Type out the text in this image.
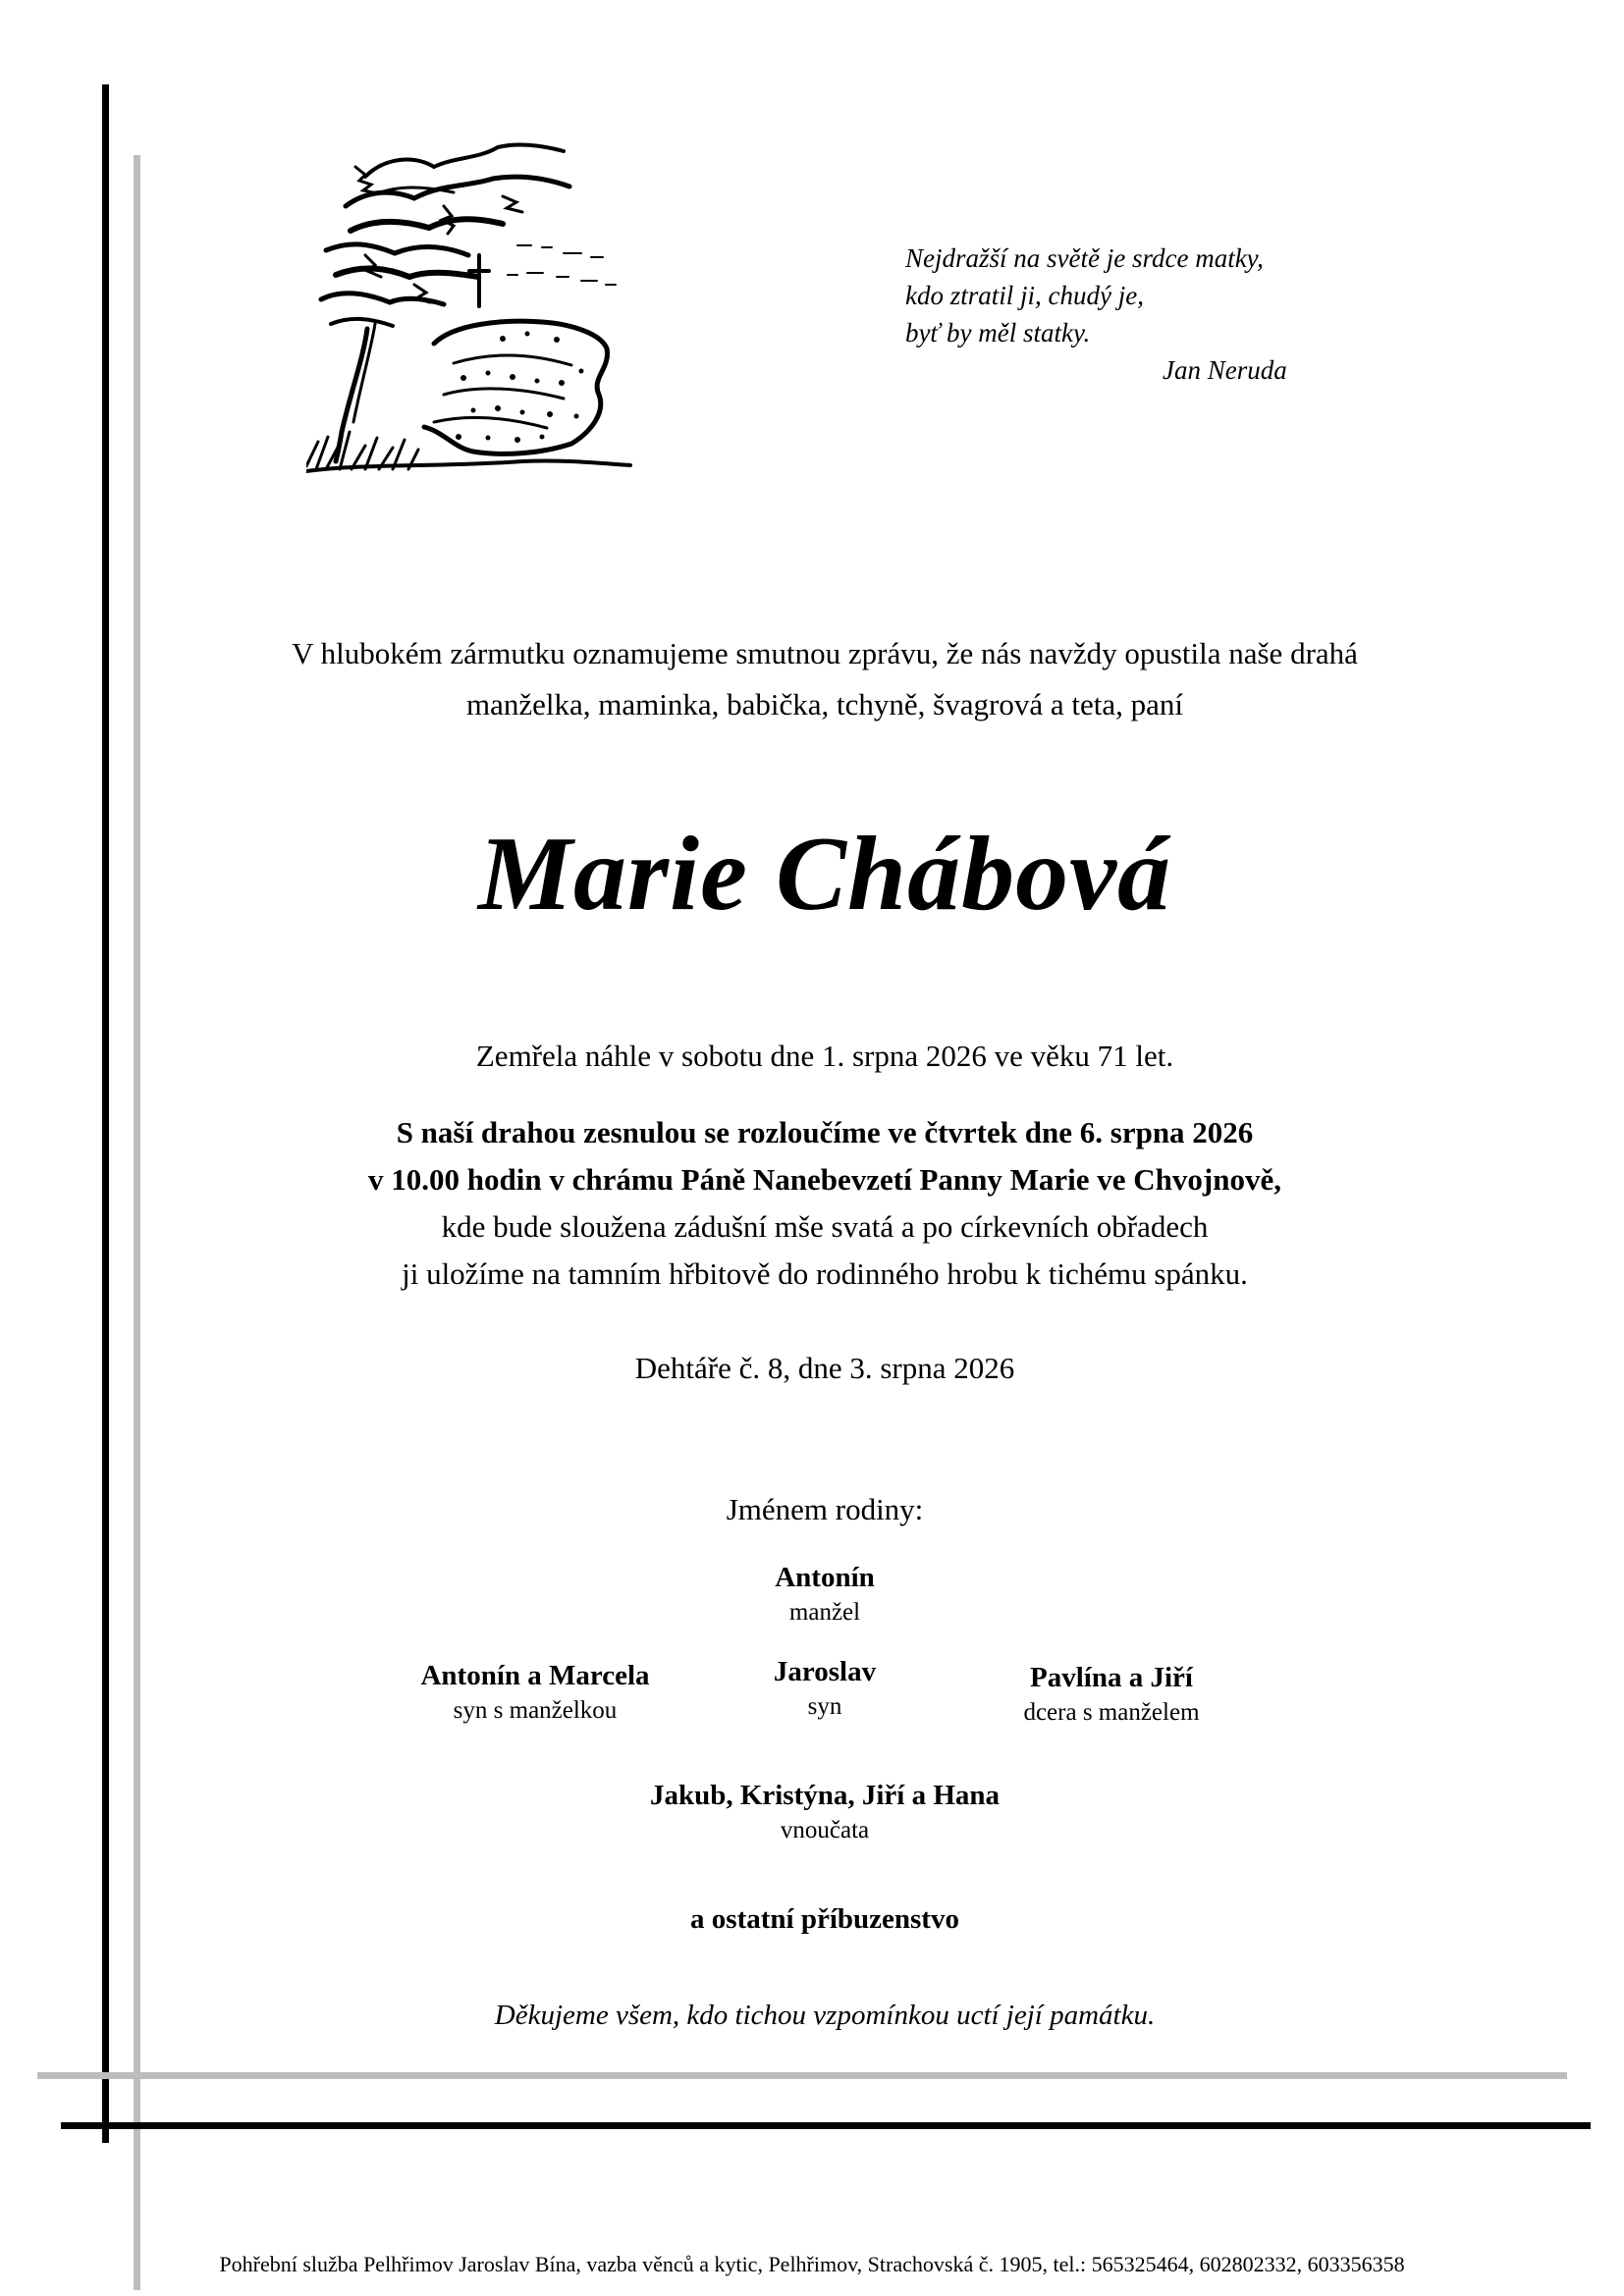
Nejdražší na světě je srdce matky,
kdo ztratil ji, chudý je,
byť by měl statky.
Jan Neruda
V hlubokém zármutku oznamujeme smutnou zprávu, že nás navždy opustila naše drahá
manželka, maminka, babička, tchyně, švagrová a teta, paní
Marie Chábová
Zemřela náhle v sobotu dne 1. srpna 2026 ve věku 71 let.
S naší drahou zesnulou se rozloučíme ve čtvrtek dne 6. srpna 2026
v 10.00 hodin v chrámu Páně Nanebevzetí Panny Marie ve Chvojnově,
kde bude sloužena zádušní mše svatá a po církevních obřadech
ji uložíme na tamním hřbitově do rodinného hrobu k tichému spánku.
Dehtáře č. 8, dne 3. srpna 2026
Jménem rodiny:
Antonín
manžel
Antonín a Marcela
syn s manželkou
Jaroslav
syn
Pavlína a Jiří
dcera s manželem
Jakub, Kristýna, Jiří a Hana
vnoučata
a ostatní příbuzenstvo
Děkujeme všem, kdo tichou vzpomínkou uctí její památku.
Pohřební služba Pelhřimov Jaroslav Bína, vazba věnců a kytic, Pelhřimov, Strachovská č. 1905, tel.: 565325464, 602802332, 603356358
